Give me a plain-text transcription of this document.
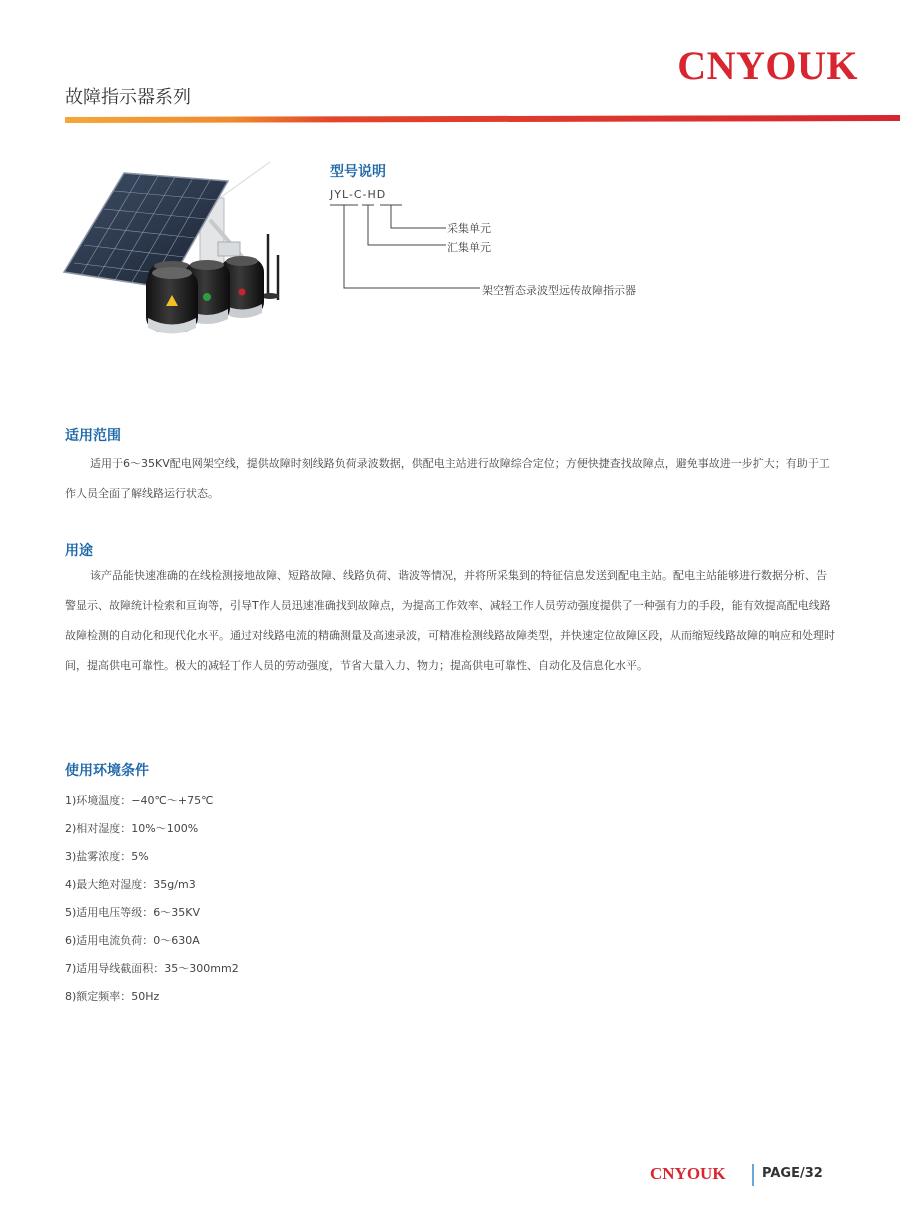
CNYOUK
故障指示器系列
型号说明
JYL-C-HD
采集单元
汇集单元
架空暂态录波型远传故障指示器
适用范围

适用于6～35KV配电网架空线，提供故障时刻线路负荷录波数据，供配电主站进行故障综合定位；方便快捷查找故障点，避免事故进一步扩大；有助于工作人员全面了解线路运行状态。

用途

该产品能快速准确的在线检测接地故障、短路故障、线路负荷、谐波等情况，并将所采集到的特征信息发送到配电主站。配电主站能够进行数据分析、告警显示、故障统计检索和亘询等，引导T作人员迅速准确找到故障点，为提高工作效率、减轻工作人员劳动强度提供了一种强有力的手段，能有效提高配电线路故障检测的自动化和现代化水平。通过对线路电流的精确测量及高速录波，可精准检测线路故障类型，并快速定位故障区段，从而缩短线路故障的响应和处理时间，提高供电可靠性。极大的减轻丁作人员的劳动强度，节省大量入力、物力；提高供电可靠性、自动化及信息化水平。

使用环境条件
1)环境温度：−40℃～+75℃
2)相对湿度：10%～100%
3)盐雾浓度：5%
4)最大绝对湿度：35g/m3
5)适用电压等级：6～35KV
6)适用电流负荷：0～630A
7)适用导线截面积：35～300mm2
8)额定频率：50Hz
CNYOUK	PAGE/32
